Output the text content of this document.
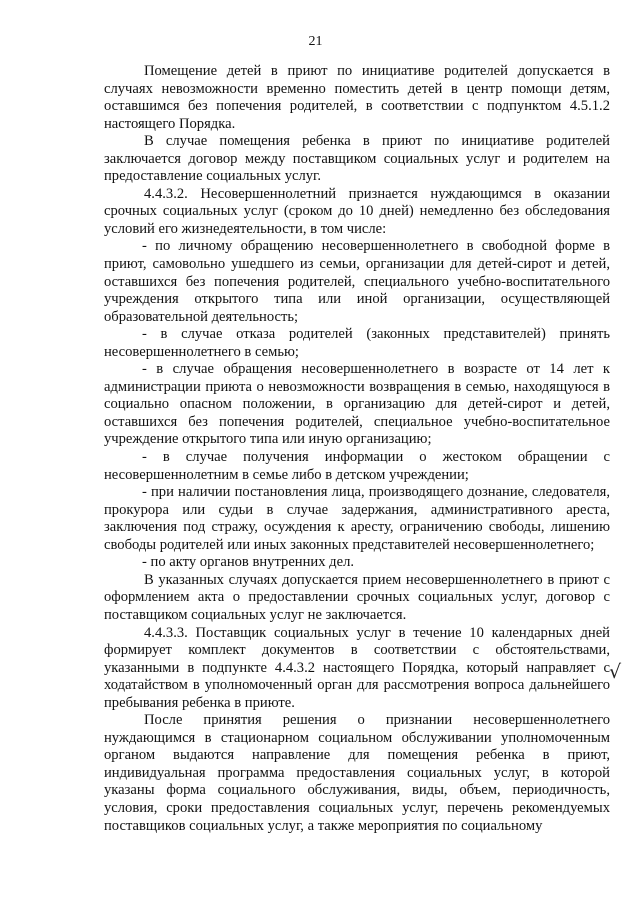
21

Помещение детей в приют по инициативе родителей допускается в случаях невозможности временно поместить детей в центр помощи детям, оставшимся без попечения родителей, в соответствии с подпунктом 4.5.1.2 настоящего Порядка.

В случае помещения ребенка в приют по инициативе родителей заключается договор между поставщиком социальных услуг и родителем на предоставление социальных услуг.

4.4.3.2. Несовершеннолетний признается нуждающимся в оказании срочных социальных услуг (сроком до 10 дней) немедленно без обследования условий его жизнедеятельности, в том числе:

- по личному обращению несовершеннолетнего в свободной форме в приют, самовольно ушедшего из семьи, организации для детей-сирот и детей, оставшихся без попечения родителей, специального учебно-воспитательного учреждения открытого типа или иной организации, осуществляющей образовательной деятельность;

- в случае отказа родителей (законных представителей) принять несовершеннолетнего в семью;

- в случае обращения несовершеннолетнего в возрасте от 14 лет к администрации приюта о невозможности возвращения в семью, находящуюся в социально опасном положении, в организацию для детей-сирот и детей, оставшихся без попечения родителей, специальное учебно-воспитательное учреждение открытого типа или иную организацию;

- в случае получения информации о жестоком обращении с несовершеннолетним в семье либо в детском учреждении;

- при наличии постановления лица, производящего дознание, следователя, прокурора или судьи в случае задержания, административного ареста, заключения под стражу, осуждения к аресту, ограничению свободы, лишению свободы родителей или иных законных представителей несовершеннолетнего;

- по акту органов внутренних дел.

В указанных случаях допускается прием несовершеннолетнего в приют с оформлением акта о предоставлении срочных социальных услуг, договор с поставщиком социальных услуг не заключается.

4.4.3.3. Поставщик социальных услуг в течение 10 календарных дней формирует комплект документов в соответствии с обстоятельствами, указанными в подпункте 4.4.3.2 настоящего Порядка, который направляет с ходатайством в уполномоченный орган для рассмотрения вопроса дальнейшего пребывания ребенка в приюте.

После принятия решения о признании несовершеннолетнего нуждающимся в стационарном социальном обслуживании уполномоченным органом выдаются направление для помещения ребенка в приют, индивидуальная программа предоставления социальных услуг, в которой указаны форма социального обслуживания, виды, объем, периодичность, условия, сроки предоставления социальных услуг, перечень рекомендуемых поставщиков социальных услуг, а также мероприятия по социальному

√
